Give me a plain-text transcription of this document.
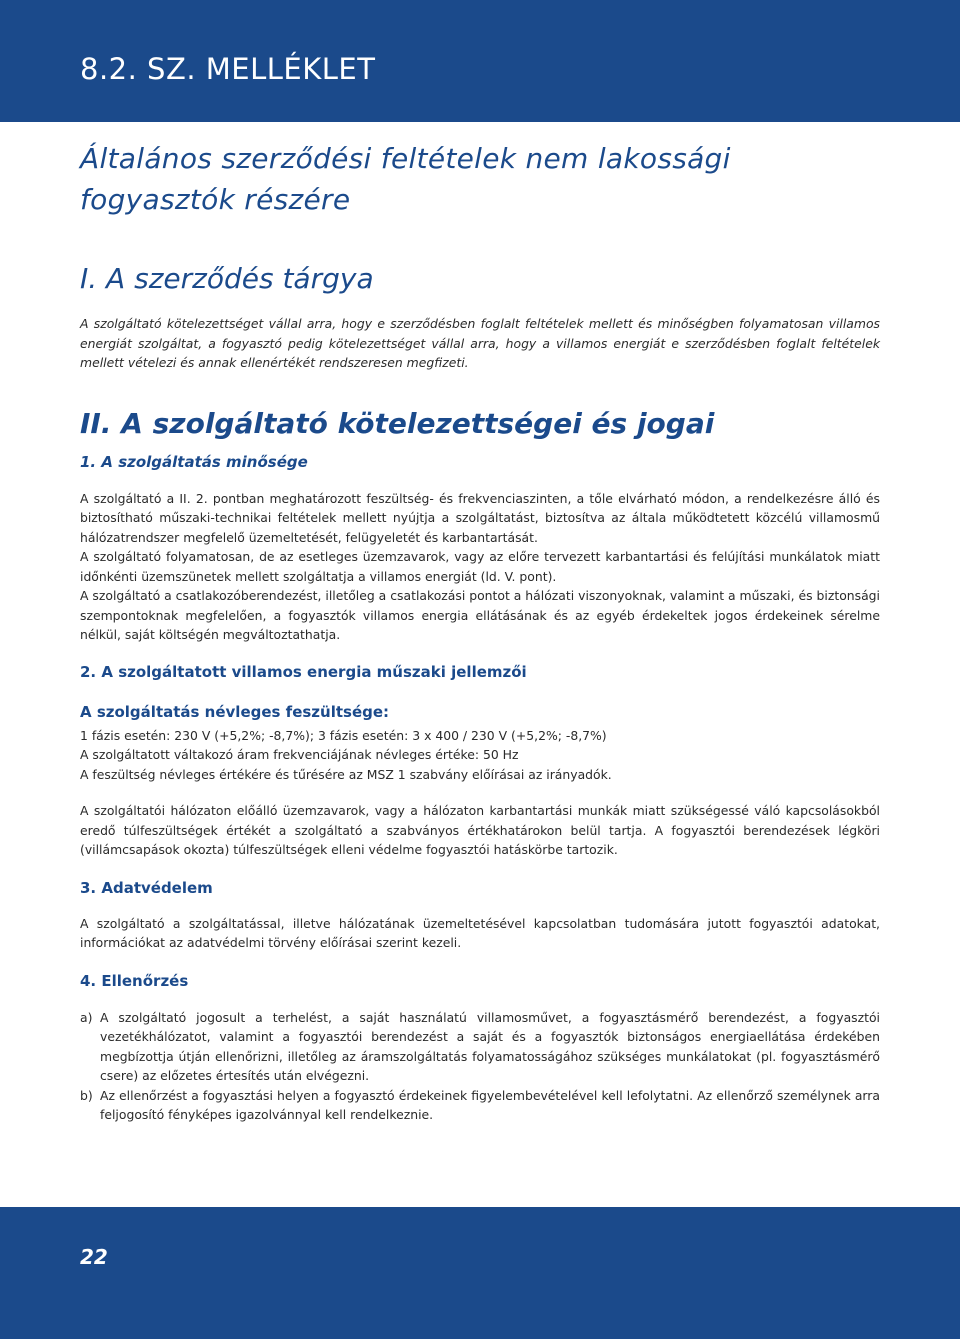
8.2. SZ. MELLÉKLET
Általános szerződési feltételek nem lakossági fogyasztók részére
I. A szerződés tárgya

A szolgáltató kötelezettséget vállal arra, hogy e szerződésben foglalt feltételek mellett és minőségben folyamatosan villamos energiát szolgáltat, a fogyasztó pedig kötelezettséget vállal arra, hogy a villamos energiát e szerződésben foglalt feltételek mellett vételezi és annak ellenértékét rendszeresen megfizeti.

II. A szolgáltató kötelezettségei és jogai
1. A szolgáltatás minősége

A szolgáltató a II. 2. pontban meghatározott feszültség- és frekvenciaszinten, a tőle elvárható módon, a rendelkezésre álló és biztosítható műszaki-technikai feltételek mellett nyújtja a szolgáltatást, biztosítva az általa működtetett közcélú villamosmű hálózatrendszer megfelelő üzemeltetését, felügyeletét és karbantartását.

A szolgáltató folyamatosan, de az esetleges üzemzavarok, vagy az előre tervezett karbantartási és felújítási munkálatok miatt időnkénti üzemszünetek mellett szolgáltatja a villamos energiát (ld. V. pont).

A szolgáltató a csatlakozóberendezést, illetőleg a csatlakozási pontot a hálózati viszonyoknak, valamint a műszaki, és biztonsági szempontoknak megfelelően, a fogyasztók villamos energia ellátásának és az egyéb érdekeltek jogos érdekeinek sérelme nélkül, saját költségén megváltoztathatja.

2. A szolgáltatott villamos energia műszaki jellemzői
A szolgáltatás névleges feszültsége:

1 fázis esetén: 230 V (+5,2%; -8,7%); 3 fázis esetén: 3 x 400 / 230 V (+5,2%; -8,7%)

A szolgáltatott váltakozó áram frekvenciájának névleges értéke: 50 Hz

A feszültség névleges értékére és tűrésére az MSZ 1 szabvány előírásai az irányadók.

A szolgáltatói hálózaton előálló üzemzavarok, vagy a hálózaton karbantartási munkák miatt szükségessé váló kapcsolásokból eredő túlfeszültségek értékét a szolgáltató a szabványos értékhatárokon belül tartja. A fogyasztói berendezések légköri (villámcsapások okozta) túlfeszültségek elleni védelme fogyasztói hatáskörbe tartozik.

3. Adatvédelem

A szolgáltató a szolgáltatással, illetve hálózatának üzemeltetésével kapcsolatban tudomására jutott fogyasztói adatokat, információkat az adatvédelmi törvény előírásai szerint kezeli.

4. Ellenőrzés
a) A szolgáltató jogosult a terhelést, a saját használatú villamosművet, a fogyasztásmérő berendezést, a fogyasztói vezetékhálózatot, valamint a fogyasztói berendezést a saját és a fogyasztók biztonságos energiaellátása érdekében megbízottja útján ellenőrizni, illetőleg az áramszolgáltatás folyamatosságához szükséges munkálatokat (pl. fogyasztásmérő csere) az előzetes értesítés után elvégezni.

b) Az ellenőrzést a fogyasztási helyen a fogyasztó érdekeinek figyelembevételével kell lefolytatni. Az ellenőrző személynek arra feljogosító fényképes igazolvánnyal kell rendelkeznie.

22
